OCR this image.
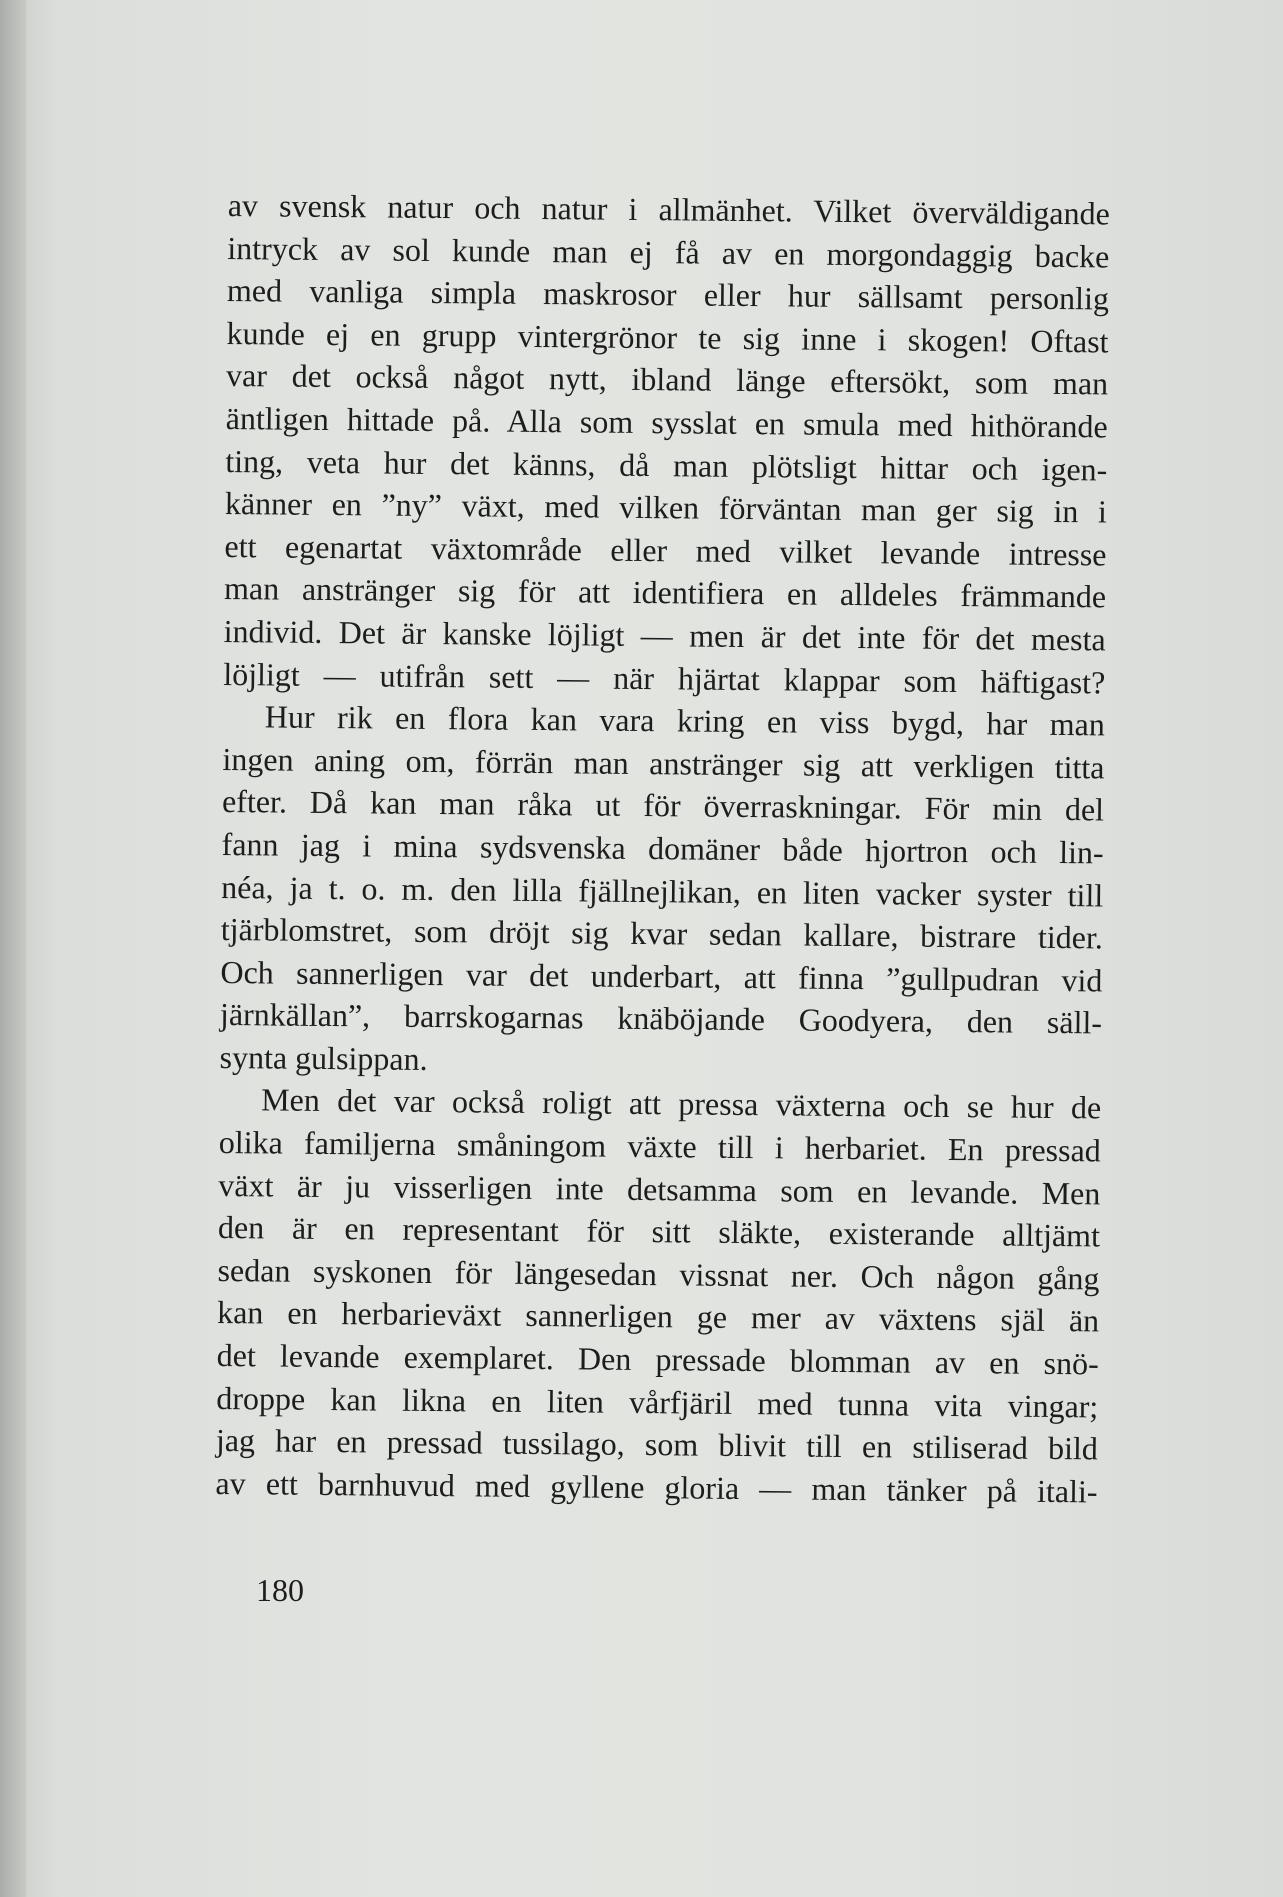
av svensk natur och natur i allmänhet. Vilket överväldigande
intryck av sol kunde man ej få av en morgondaggig backe
med vanliga simpla maskrosor eller hur sällsamt personlig
kunde ej en grupp vintergrönor te sig inne i skogen! Oftast
var det också något nytt, ibland länge eftersökt, som man
äntligen hittade på. Alla som sysslat en smula med hithörande
ting, veta hur det känns, då man plötsligt hittar och igen-
känner en ”ny” växt, med vilken förväntan man ger sig in i
ett egenartat växtområde eller med vilket levande intresse
man anstränger sig för att identifiera en alldeles främmande
individ. Det är kanske löjligt — men är det inte för det mesta
löjligt — utifrån sett — när hjärtat klappar som häftigast?
Hur rik en flora kan vara kring en viss bygd, har man
ingen aning om, förrän man anstränger sig att verkligen titta
efter. Då kan man råka ut för överraskningar. För min del
fann jag i mina sydsvenska domäner både hjortron och lin-
néa, ja t. o. m. den lilla fjällnejlikan, en liten vacker syster till
tjärblomstret, som dröjt sig kvar sedan kallare, bistrare tider.
Och sannerligen var det underbart, att finna ”gullpudran vid
järnkällan”, barrskogarnas knäböjande Goodyera, den säll-
synta gulsippan.
Men det var också roligt att pressa växterna och se hur de
olika familjerna småningom växte till i herbariet. En pressad
växt är ju visserligen inte detsamma som en levande. Men
den är en representant för sitt släkte, existerande alltjämt
sedan syskonen för längesedan vissnat ner. Och någon gång
kan en herbarieväxt sannerligen ge mer av växtens själ än
det levande exemplaret. Den pressade blomman av en snö-
droppe kan likna en liten vårfjäril med tunna vita vingar;
jag har en pressad tussilago, som blivit till en stiliserad bild
av ett barnhuvud med gyllene gloria — man tänker på itali-
180
